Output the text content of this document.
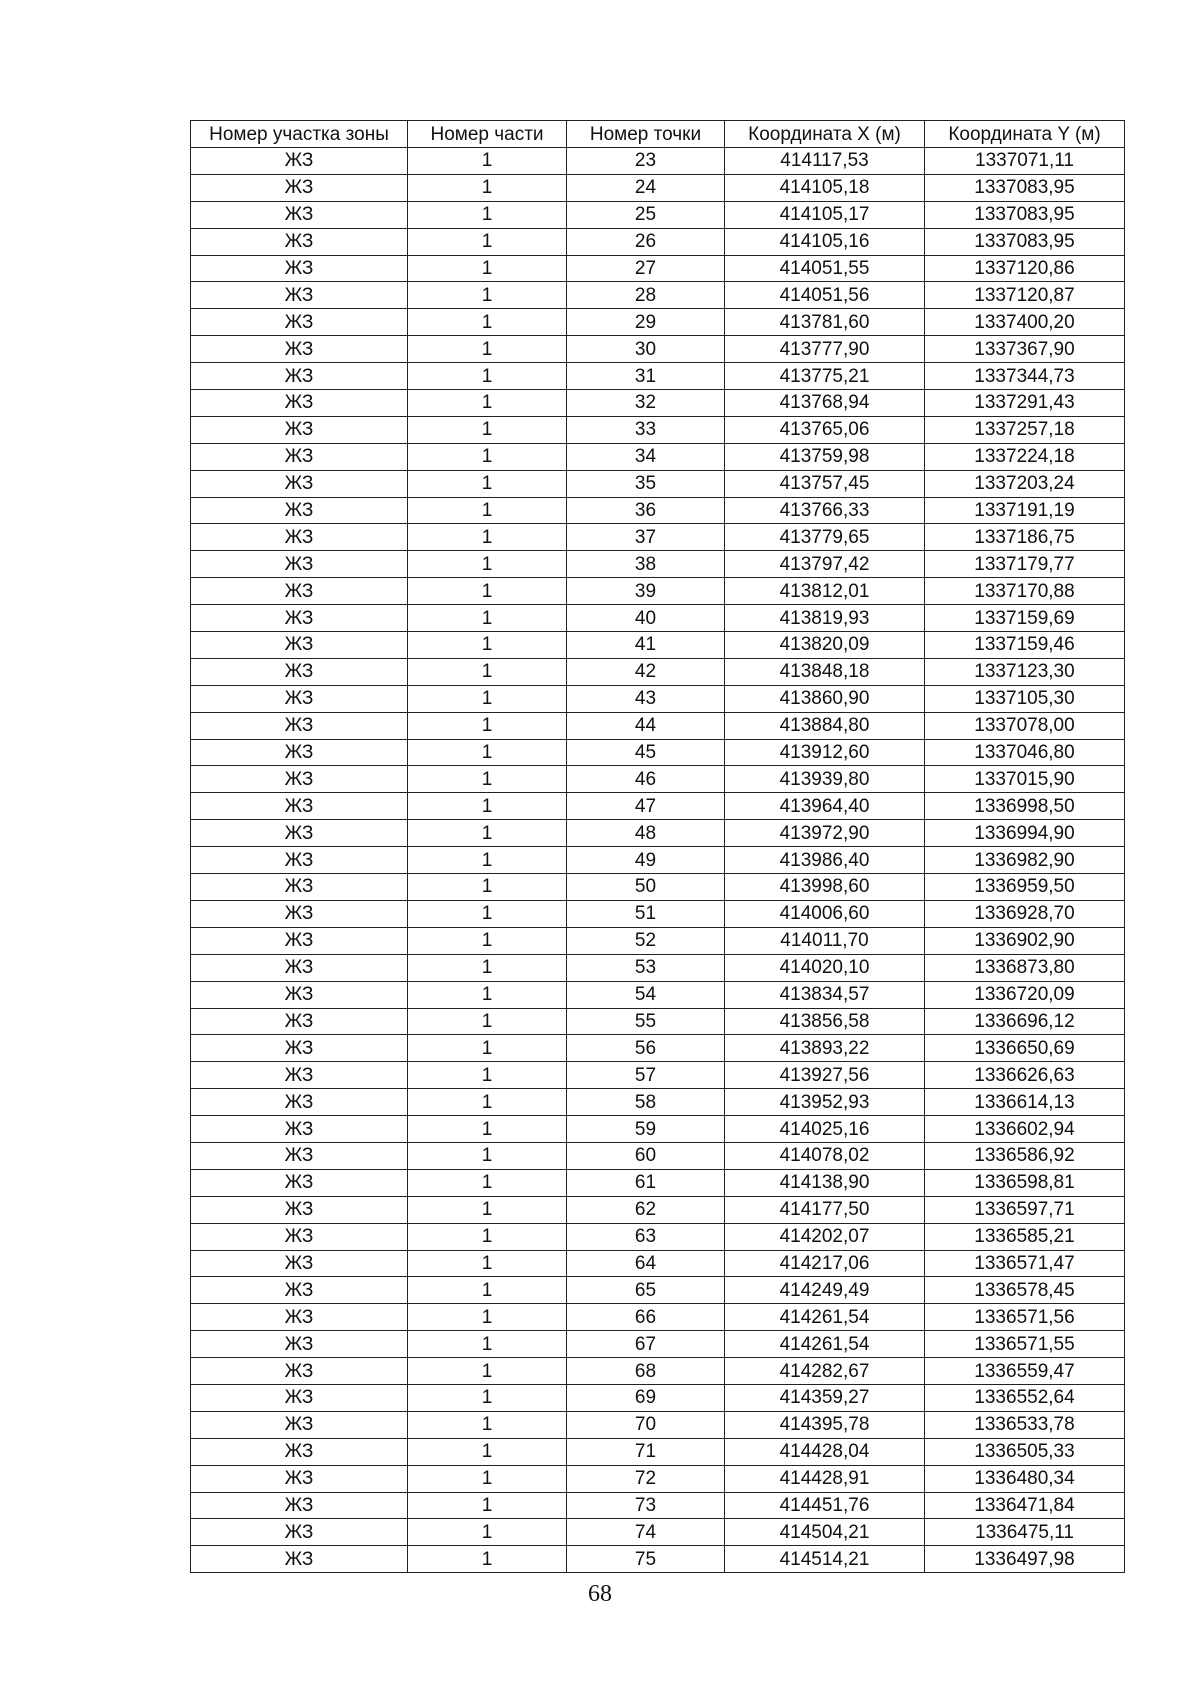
Номер участка зоны	Номер части	Номер точки	Координата X (м)	Координата Y (м)
ЖЗ	1	23	414117,53	1337071,11
ЖЗ	1	24	414105,18	1337083,95
ЖЗ	1	25	414105,17	1337083,95
ЖЗ	1	26	414105,16	1337083,95
ЖЗ	1	27	414051,55	1337120,86
ЖЗ	1	28	414051,56	1337120,87
ЖЗ	1	29	413781,60	1337400,20
ЖЗ	1	30	413777,90	1337367,90
ЖЗ	1	31	413775,21	1337344,73
ЖЗ	1	32	413768,94	1337291,43
ЖЗ	1	33	413765,06	1337257,18
ЖЗ	1	34	413759,98	1337224,18
ЖЗ	1	35	413757,45	1337203,24
ЖЗ	1	36	413766,33	1337191,19
ЖЗ	1	37	413779,65	1337186,75
ЖЗ	1	38	413797,42	1337179,77
ЖЗ	1	39	413812,01	1337170,88
ЖЗ	1	40	413819,93	1337159,69
ЖЗ	1	41	413820,09	1337159,46
ЖЗ	1	42	413848,18	1337123,30
ЖЗ	1	43	413860,90	1337105,30
ЖЗ	1	44	413884,80	1337078,00
ЖЗ	1	45	413912,60	1337046,80
ЖЗ	1	46	413939,80	1337015,90
ЖЗ	1	47	413964,40	1336998,50
ЖЗ	1	48	413972,90	1336994,90
ЖЗ	1	49	413986,40	1336982,90
ЖЗ	1	50	413998,60	1336959,50
ЖЗ	1	51	414006,60	1336928,70
ЖЗ	1	52	414011,70	1336902,90
ЖЗ	1	53	414020,10	1336873,80
ЖЗ	1	54	413834,57	1336720,09
ЖЗ	1	55	413856,58	1336696,12
ЖЗ	1	56	413893,22	1336650,69
ЖЗ	1	57	413927,56	1336626,63
ЖЗ	1	58	413952,93	1336614,13
ЖЗ	1	59	414025,16	1336602,94
ЖЗ	1	60	414078,02	1336586,92
ЖЗ	1	61	414138,90	1336598,81
ЖЗ	1	62	414177,50	1336597,71
ЖЗ	1	63	414202,07	1336585,21
ЖЗ	1	64	414217,06	1336571,47
ЖЗ	1	65	414249,49	1336578,45
ЖЗ	1	66	414261,54	1336571,56
ЖЗ	1	67	414261,54	1336571,55
ЖЗ	1	68	414282,67	1336559,47
ЖЗ	1	69	414359,27	1336552,64
ЖЗ	1	70	414395,78	1336533,78
ЖЗ	1	71	414428,04	1336505,33
ЖЗ	1	72	414428,91	1336480,34
ЖЗ	1	73	414451,76	1336471,84
ЖЗ	1	74	414504,21	1336475,11
ЖЗ	1	75	414514,21	1336497,98
68
